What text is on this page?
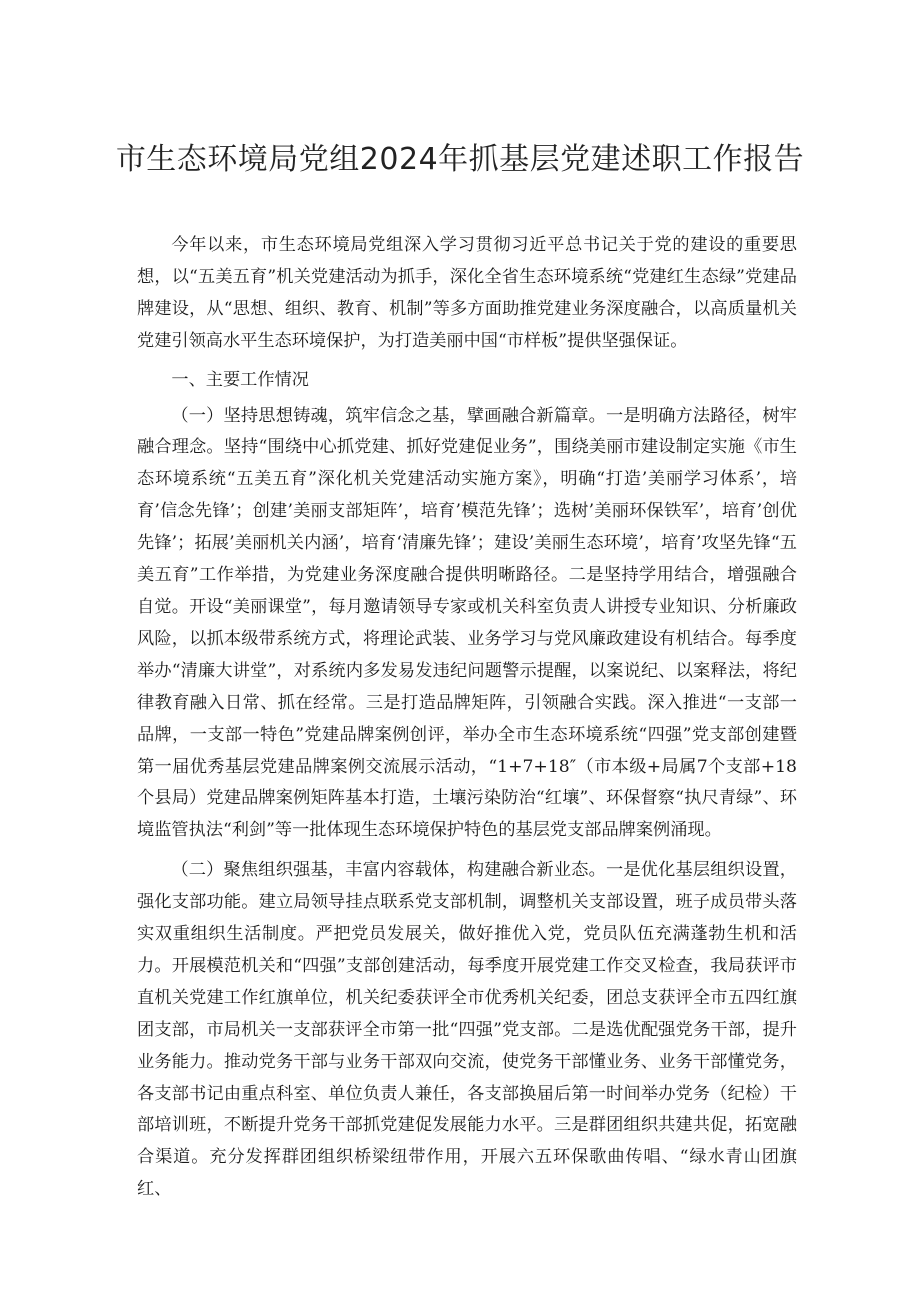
市生态环境局党组2024年抓基层党建述职工作报告

今年以来，市生态环境局党组深入学习贯彻习近平总书记关于党的建设的重要思想，以“五美五育”机关党建活动为抓手，深化全省生态环境系统“党建红生态绿”党建品牌建设，从“思想、组织、教育、机制”等多方面助推党建业务深度融合，以高质量机关党建引领高水平生态环境保护，为打造美丽中国“市样板”提供坚强保证。

一、主要工作情况

（一）坚持思想铸魂，筑牢信念之基，擘画融合新篇章。一是明确方法路径，树牢融合理念。坚持“围绕中心抓党建、抓好党建促业务”，围绕美丽市建设制定实施《市生态环境系统“五美五育”深化机关党建活动实施方案》，明确“打造’美丽学习体系’，培育’信念先锋’；创建’美丽支部矩阵’，培育’模范先锋’；选树’美丽环保铁军’，培育’创优先锋’；拓展’美丽机关内涵’，培育‘清廉先锋’；建设’美丽生态环境’，培育’攻坚先锋“五美五育”工作举措，为党建业务深度融合提供明晰路径。二是坚持学用结合，增强融合自觉。开设“美丽课堂”，每月邀请领导专家或机关科室负责人讲授专业知识、分析廉政风险，以抓本级带系统方式，将理论武装、业务学习与党风廉政建设有机结合。每季度举办“清廉大讲堂”，对系统内多发易发违纪问题警示提醒，以案说纪、以案释法，将纪律教育融入日常、抓在经常。三是打造品牌矩阵，引领融合实践。深入推进“一支部一品牌，一支部一特色”党建品牌案例创评，举办全市生态环境系统“四强”党支部创建暨第一届优秀基层党建品牌案例交流展示活动，“1+7+18″（市本级+局属7个支部+18个县局）党建品牌案例矩阵基本打造，土壤污染防治“红壤”、环保督察“执尺青绿”、环境监管执法“利剑”等一批体现生态环境保护特色的基层党支部品牌案例涌现。

（二）聚焦组织强基，丰富内容载体，构建融合新业态。一是优化基层组织设置，强化支部功能。建立局领导挂点联系党支部机制，调整机关支部设置，班子成员带头落实双重组织生活制度。严把党员发展关，做好推优入党，党员队伍充满蓬勃生机和活力。开展模范机关和“四强”支部创建活动，每季度开展党建工作交叉检查，我局获评市直机关党建工作红旗单位，机关纪委获评全市优秀机关纪委，团总支获评全市五四红旗团支部，市局机关一支部获评全市第一批“四强”党支部。二是选优配强党务干部，提升业务能力。推动党务干部与业务干部双向交流，使党务干部懂业务、业务干部懂党务，各支部书记由重点科室、单位负责人兼任，各支部换届后第一时间举办党务（纪检）干部培训班，不断提升党务干部抓党建促发展能力水平。三是群团组织共建共促，拓宽融合渠道。充分发挥群团组织桥梁纽带作用，开展六五环保歌曲传唱、“绿水青山团旗红、
